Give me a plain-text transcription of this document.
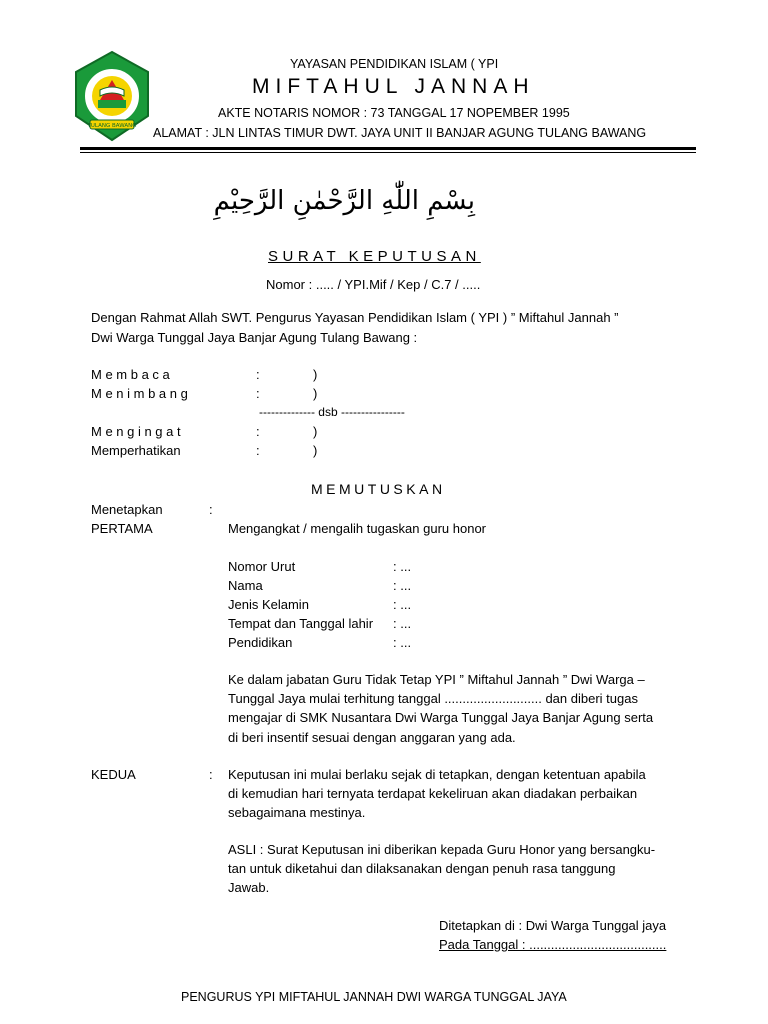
TULANG BAWANG
YAYASAN PENDIDIKAN ISLAM ( YPI
MIFTAHUL JANNAH
AKTE NOTARIS NOMOR : 73 TANGGAL 17 NOPEMBER 1995
ALAMAT : JLN LINTAS TIMUR DWT. JAYA UNIT II BANJAR AGUNG TULANG BAWANG
بِسْمِ اللّٰهِ الرَّحْمٰنِ الرَّحِيْمِ
SURAT KEPUTUSAN
Nomor : ..... / YPI.Mif / Kep / C.7 / .....
Dengan Rahmat Allah SWT. Pengurus Yayasan Pendidikan Islam ( YPI ) ” Miftahul Jannah ”
Dwi Warga Tunggal Jaya Banjar Agung Tulang Bawang :
M e m b a c a	:	)
M e n i m b a n g	:	)
-------------- dsb ----------------
M e n g i n g a t	:	)
Memperhatikan	:	)
MEMUTUSKAN
Menetapkan	:
PERTAMA	Mengangkat / mengalih tugaskan guru honor
Nomor Urut	: ...
Nama	: ...
Jenis Kelamin	: ...
Tempat dan Tanggal lahir : ...
Pendidikan	: ...
Ke dalam jabatan Guru Tidak Tetap YPI ” Miftahul Jannah ” Dwi Warga –
Tunggal Jaya mulai terhitung tanggal ........................... dan diberi tugas
mengajar di SMK Nusantara Dwi Warga Tunggal Jaya Banjar Agung serta
di beri insentif sesuai dengan anggaran yang ada.
KEDUA	: Keputusan ini mulai berlaku sejak di tetapkan, dengan ketentuan apabila
di kemudian hari ternyata terdapat kekeliruan akan diadakan perbaikan
sebagaimana mestinya.
ASLI : Surat Keputusan ini diberikan kepada Guru Honor yang bersangku-
tan untuk diketahui dan dilaksanakan dengan penuh rasa tanggung
Jawab.
Ditetapkan di : Dwi Warga Tunggal jaya
Pada Tanggal : ......................................
PENGURUS YPI MIFTAHUL JANNAH DWI WARGA TUNGGAL JAYA
